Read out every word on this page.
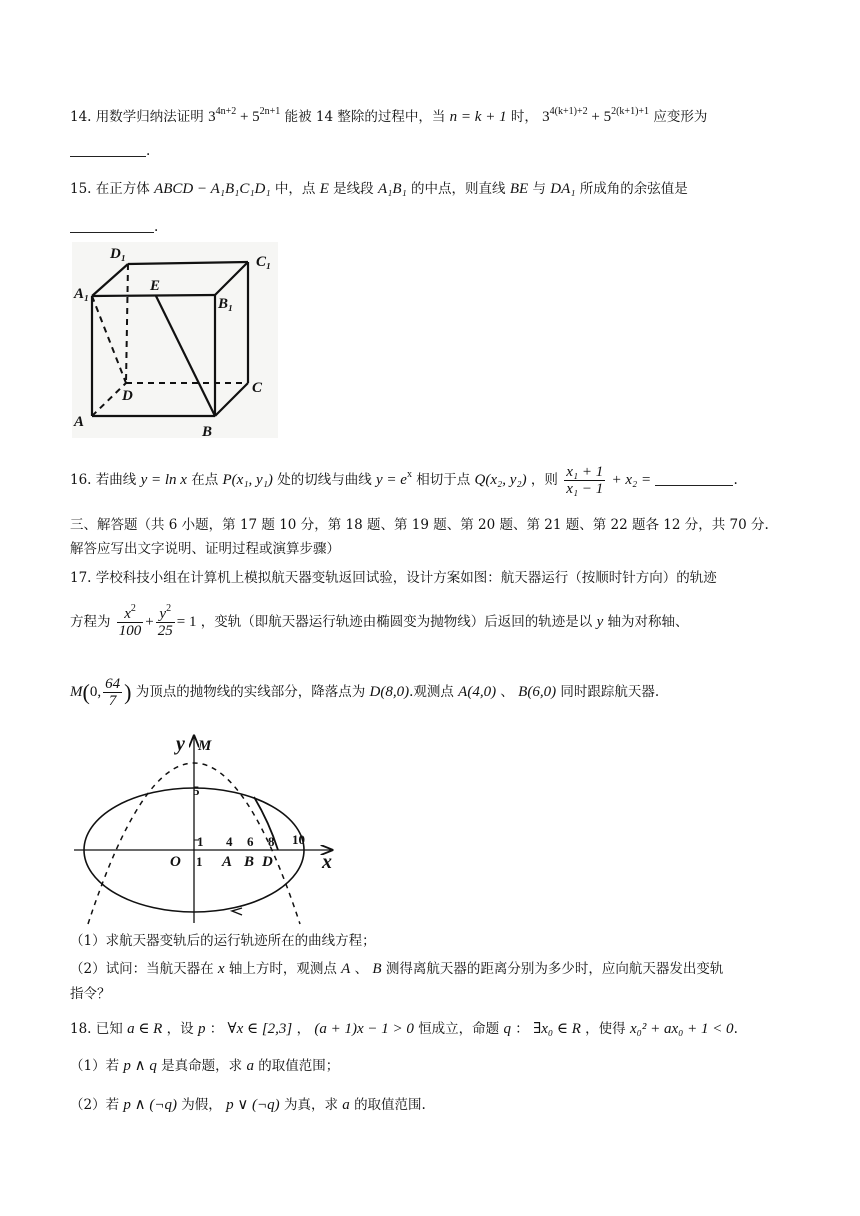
14. 用数学归纳法证明 $3^{4n+2} + 5^{2n+1}$ 能被 14 整除的过程中，当 n = k + 1 时， $3^{4(k+1)+2} + 5^{2(k+1)+1}$ 应变形为
.
15. 在正方体 ABCD − A₁B₁C₁D₁ 中，点 E 是线段 A₁B₁ 的中点，则直线 BE 与 DA₁ 所成角的余弦值是
.
D₁	C₁
A₁	E
B₁
D	C
A
B
16. 若曲线 y = ln x 在点 P(x₁, y₁) 处的切线与曲线 $y = e^x$ 相切于点 Q(x₂, y₂) ，则 $\frac{\text{x₁ + 1}}{\text{x₁ − 1}} + x_2$ =	.
三、解答题（共 6 小题，第 17 题 10 分，第 18 题、第 19 题、第 20 题、第 21 题、第 22 题各 12 分，共 70 分.
解答应写出文字说明、证明过程或演算步骤）
17. 学校科技小组在计算机上模拟航天器变轨返回试验，设计方案如图：航天器运行（按顺时针方向）的轨迹
方程为 $\frac{x^2}{100} + \frac{y^2}{25} = 1$ ，变轨（即航天器运行轨迹由椭圆变为抛物线）后返回的轨迹是以 y 轴为对称轴、
M(0, $\frac{64}{7}$ ) 为顶点的抛物线的实线部分，降落点为 D(8,0).观测点 A(4,0) 、 B(6,0) 同时跟踪航天器.
y M
5
1 4 6 8 10
O 1 A B D x
（1）求航天器变轨后的运行轨迹所在的曲线方程；
（2）试问：当航天器在 x 轴上方时，观测点 A 、 B 测得离航天器的距离分别为多少时，应向航天器发出变轨
指令？
18. 已知 a ∈ R ，设 p ： ∀x ∈ [2,3] ， (a + 1)x − 1 > 0 恒成立，命题 q ： ∃x₀ ∈ R ，使得 x₀² + ax₀ + 1 < 0.
（1）若 p ∧ q 是真命题，求 a 的取值范围；
（2）若 p ∧ (¬q) 为假， p ∨ (¬q) 为真，求 a 的取值范围.
